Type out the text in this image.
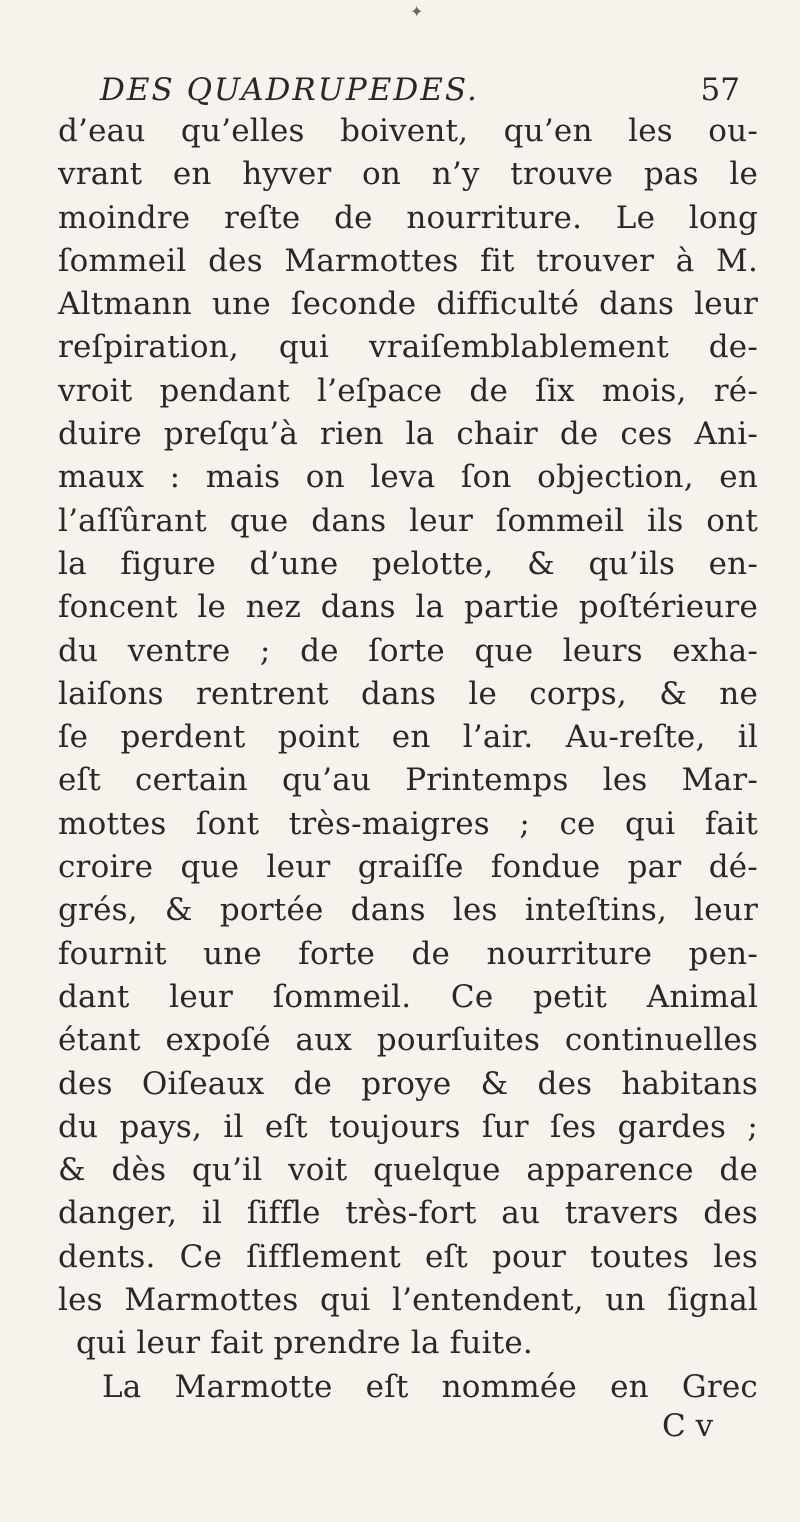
✦
DES QUADRUPEDES.	57
d’eau qu’elles boivent, qu’en les ou-
vrant en hyver on n’y trouve pas le
moindre reſte de nourriture. Le long
ſommeil des Marmottes fit trouver à M.
Altmann une ſeconde difficulté dans leur
reſpiration, qui vraiſemblablement de-
vroit pendant l’eſpace de ſix mois, ré-
duire preſqu’à rien la chair de ces Ani-
maux : mais on leva ſon objection, en
l’aſſûrant que dans leur ſommeil ils ont
la figure d’une pelotte, & qu’ils en-
foncent le nez dans la partie poſtérieure
du ventre ; de ſorte que leurs exha-
laiſons rentrent dans le corps, & ne
ſe perdent point en l’air. Au-reſte, il
eſt certain qu’au Printemps les Mar-
mottes ſont très-maigres ; ce qui fait
croire que leur graiſſe fondue par dé-
grés, & portée dans les inteſtins, leur
fournit une forte de nourriture pen-
dant leur ſommeil. Ce petit Animal
étant expoſé aux pourſuites continuelles
des Oiſeaux de proye & des habitans
du pays, il eſt toujours ſur ſes gardes ;
& dès qu’il voit quelque apparence de
danger, il ſiffle très-fort au travers des
dents. Ce ſifflement eſt pour toutes les
les Marmottes qui l’entendent, un ſignal
qui leur fait prendre la fuite.
La Marmotte eſt nommée en Grec
C v
